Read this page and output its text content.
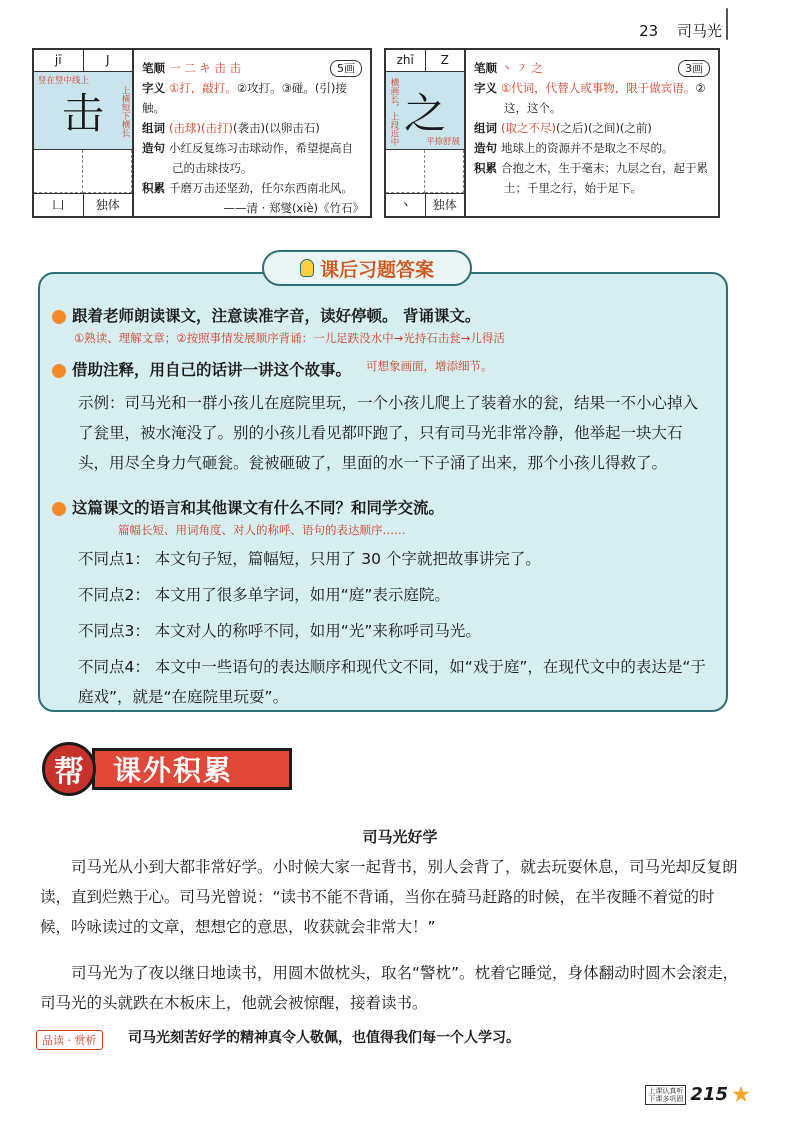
23 司马光
jī	J
竖在竖中线上
击 上横短下横长
凵	独体
5画
笔顺 一 二 キ 击 击
字义 ①打，敲打。②攻打。③碰。(引)接触。
组词 (击球)(击打)(袭击)(以卵击石)
造句 小红反复练习击球动作，希望提高自己的击球技巧。
积累 千磨万击还坚劲，任尔东西南北风。
——清 · 郑燮(xiè)《竹石》
zhī	Z
横画长，上段近中 之
平捺舒展
丶	独体
3画
笔顺 丶 ㇇ 之
字义 ①代词，代替人或事物，限于做宾语。②这，这个。
组词 (取之不尽)(之后)(之间)(之前)
造句 地球上的资源并不是取之不尽的。
积累 合抱之木，生于毫末；九层之台，起于累土；千里之行，始于足下。
跟着老师朗读课文，注意读准字音，读好停顿。 背诵课文。
①熟读、理解文章；②按照事情发展顺序背诵：一儿足跌没水中→光持石击瓮→儿得活
借助注释，用自己的话讲一讲这个故事。 可想象画面，增添细节。
示例：司马光和一群小孩儿在庭院里玩，一个小孩儿爬上了装着水的瓮，结果一不小心掉入了瓮里，被水淹没了。别的小孩儿看见都吓跑了，只有司马光非常冷静，他举起一块大石头，用尽全身力气砸瓮。瓮被砸破了，里面的水一下子涌了出来，那个小孩儿得救了。
这篇课文的语言和其他课文有什么不同？和同学交流。
篇幅长短、用词角度、对人的称呼、语句的表达顺序……
不同点1： 本文句子短，篇幅短，只用了 30 个字就把故事讲完了。
不同点2： 本文用了很多单字词，如用“庭”表示庭院。
不同点3： 本文对人的称呼不同，如用“光”来称呼司马光。
不同点4： 本文中一些语句的表达顺序和现代文不同，如“戏于庭”，在现代文中的表达是“于庭戏”，就是“在庭院里玩耍”。
课后习题答案
课外积累
帮
司马光好学
司马光从小到大都非常好学。小时候大家一起背书，别人会背了，就去玩耍休息，司马光却反复朗读，直到烂熟于心。司马光曾说：“读书不能不背诵，当你在骑马赶路的时候，在半夜睡不着觉的时候，吟咏读过的文章，想想它的意思，收获就会非常大！”
司马光为了夜以继日地读书，用圆木做枕头，取名“警枕”。枕着它睡觉，身体翻动时圆木会滚走，司马光的头就跌在木板床上，他就会被惊醒，接着读书。
品读 · 赏析	司马光刻苦好学的精神真令人敬佩，也值得我们每一个人学习。
上课认真听
下课多巩固 215
